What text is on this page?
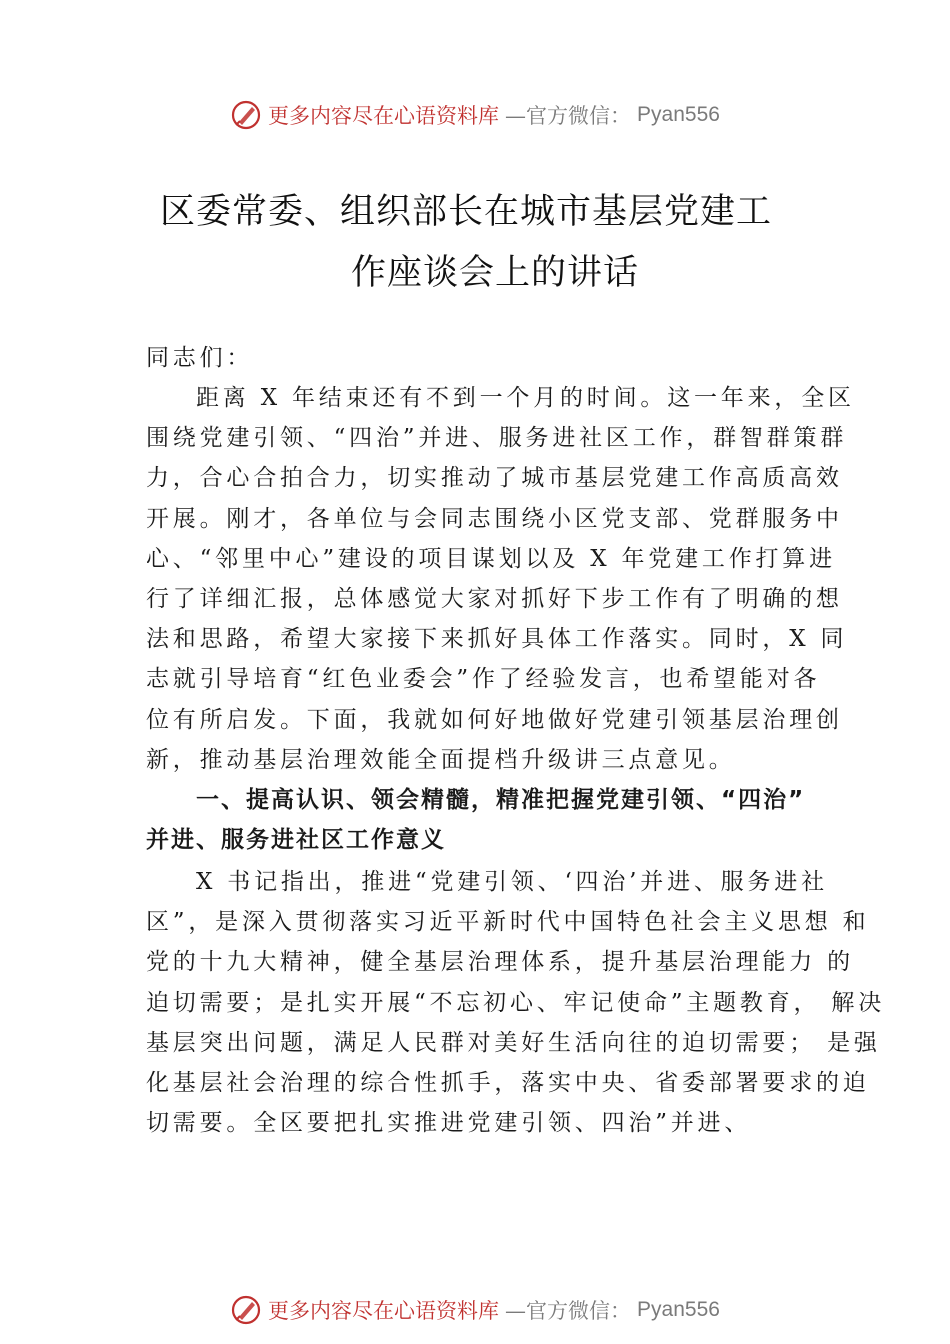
更多内容尽在心语资料库 —官方微信： Pyan556
区委常委、组织部长在城市基层党建工
作座谈会上的讲话
同志们：
距离 X 年结束还有不到一个月的时间。这一年来，全区
围绕党建引领、“四治”并进、服务进社区工作，群智群策群
力，合心合拍合力，切实推动了城市基层党建工作高质高效
开展。刚才，各单位与会同志围绕小区党支部、党群服务中
心、“邻里中心”建设的项目谋划以及 X 年党建工作打算进
行了详细汇报，总体感觉大家对抓好下步工作有了明确的想
法和思路，希望大家接下来抓好具体工作落实。同时，X 同
志就引导培育“红色业委会”作了经验发言，也希望能对各
位有所启发。下面，我就如何好地做好党建引领基层治理创
新，推动基层治理效能全面提档升级讲三点意见。
一、提高认识、领会精髓，精准把握党建引领、“四治”
并进、服务进社区工作意义
X 书记指出，推进“党建引领、‘四治’并进、服务进社
区”，是深入贯彻落实习近平新时代中国特色社会主义思想 和
党的十九大精神，健全基层治理体系，提升基层治理能力 的
迫切需要；是扎实开展“不忘初心、牢记使命”主题教育， 解决
基层突出问题，满足人民群对美好生活向往的迫切需要； 是强
化基层社会治理的综合性抓手，落实中央、省委部署要求的迫
切需要。全区要把扎实推进党建引领、四治”并进、
更多内容尽在心语资料库 —官方微信： Pyan556
